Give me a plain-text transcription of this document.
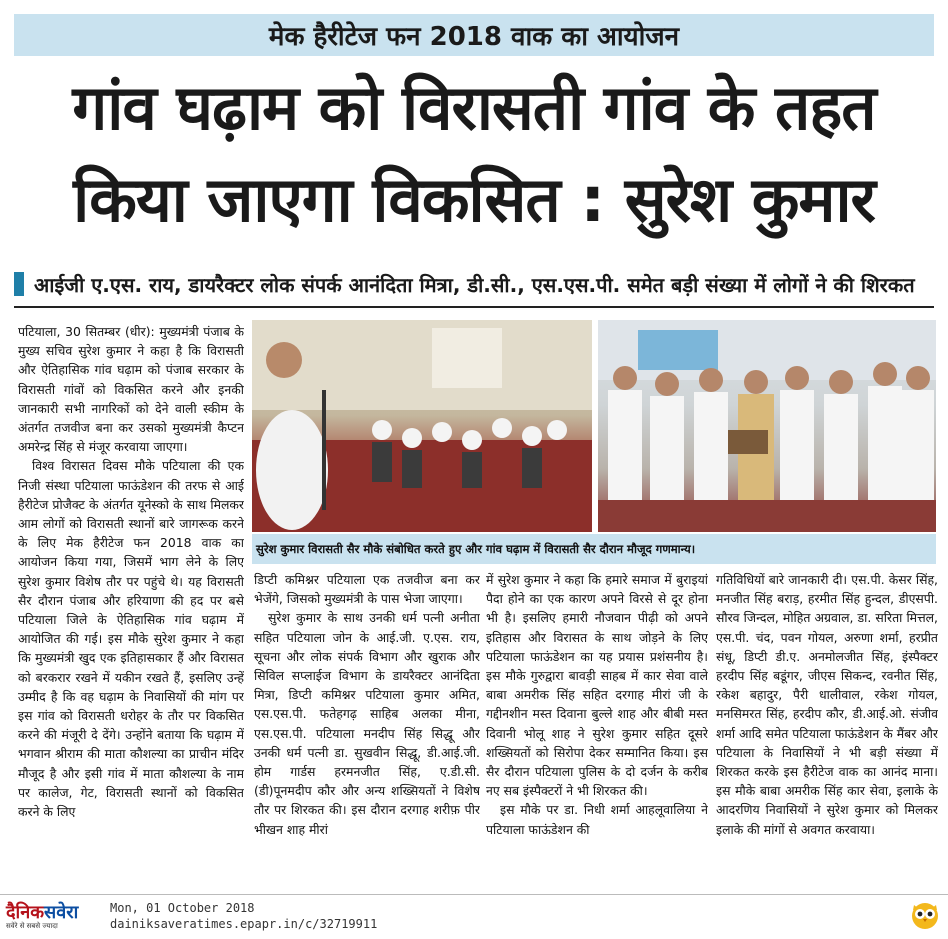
मेक हैरीटेज फन 2018 वाक का आयोजन
गांव घढ़ाम को विरासती गांव के तहत
किया जाएगा विकसित : सुरेश कुमार
आईजी ए.एस. राय, डायरैक्टर लोक संपर्क आनंदिता मित्रा, डी.सी., एस.एस.पी. समेत बड़ी संख्या में लोगों ने की शिरकत

पटियाला, 30 सितम्बर (धीर): मुख्यमंत्री पंजाब के मुख्य सचिव सुरेश कुमार ने कहा है कि विरासती और ऐतिहासिक गांव घढ़ाम को पंजाब सरकार के विरासती गांवों को विकसित करने और इनकी जानकारी सभी नागरिकों को देने वाली स्कीम के अंतर्गत तजवीज बना कर उसको मुख्यमंत्री कैप्टन अमरेन्द्र सिंह से मंजूर करवाया जाएगा।

विश्व विरासत दिवस मौके पटियाला की एक निजी संस्था पटियाला फाऊंडेशन की तरफ से आई हैरीटेज प्रोजैक्ट के अंतर्गत यूनेस्को के साथ मिलकर आम लोगों को विरासती स्थानों बारे जागरूक करने के लिए मेक हैरीटेज फन 2018 वाक का आयोजन किया गया, जिसमें भाग लेने के लिए सुरेश कुमार विशेष तौर पर पहुंचे थे। यह विरासती सैर दौरान पंजाब और हरियाणा की हद पर बसे पटियाला जिले के ऐतिहासिक गांव घढ़ाम में आयोजित की गई। इस मौके सुरेश कुमार ने कहा कि मुख्यमंत्री खुद एक इतिहासकार हैं और विरासत को बरकरार रखने में यकीन रखते हैं, इसलिए उन्हें उम्मीद है कि वह घढ़ाम के निवासियों की मांग पर इस गांव को विरासती धरोहर के तौर पर विकसित करने की मंजूरी दे देंगे। उन्होंने बताया कि घढ़ाम में भगवान श्रीराम की माता कौशल्या का प्राचीन मंदिर मौजूद है और इसी गांव में माता कौशल्या के नाम पर कालेज, गेट, विरासती स्थानों को विकसित करने के लिए

सुरेश कुमार विरासती सैर मौके संबोधित करते हुए और गांव घढ़ाम में विरासती सैर दौरान मौजूद गणमान्य।

डिप्टी कमिश्नर पटियाला एक तजवीज बना कर भेजेंगे, जिसको मुख्यमंत्री के पास भेजा जाएगा।

सुरेश कुमार के साथ उनकी धर्म पत्नी अनीता सहित पटियाला जोन के आई.जी. ए.एस. राय, सूचना और लोक संपर्क विभाग और खुराक और सिविल सप्लाईज विभाग के डायरैक्टर आनंदिता मित्रा, डिप्टी कमिश्नर पटियाला कुमार अमित, एस.एस.पी. फतेहगढ़ साहिब अलका मीना, एस.एस.पी. पटियाला मनदीप सिंह सिद्धू और उनकी धर्म पत्नी डा. सुखवीन सिद्धू, डी.आई.जी. होम गार्डस हरमनजीत सिंह, ए.डी.सी. (डी)पूनमदीप कौर और अन्य शख्सियतों ने विशेष तौर पर शिरकत की। इस दौरान दरगाह शरीफ़ पीर भीखन शाह मीरां

में सुरेश कुमार ने कहा कि हमारे समाज में बुराइयां पैदा होने का एक कारण अपने विरसे से दूर होना भी है। इसलिए हमारी नौजवान पीढ़ी को अपने इतिहास और विरासत के साथ जोड़ने के लिए पटियाला फाऊंडेशन का यह प्रयास प्रशंसनीय है। इस मौके गुरुद्वारा बावड़ी साहब में कार सेवा वाले बाबा अमरीक सिंह सहित दरगाह मीरां जी के गद्दीनशीन मस्त दिवाना बुल्ले शाह और बीबी मस्त दिवानी भोलू शाह ने सुरेश कुमार सहित दूसरे शख्सियतों को सिरोपा देकर सम्मानित किया। इस सैर दौरान पटियाला पुलिस के दो दर्जन के करीब नए सब इंस्पैक्टरों ने भी शिरकत की।

इस मौके पर डा. निधी शर्मा आहलूवालिया ने पटियाला फाऊंडेशन की

गतिविधियों बारे जानकारी दी। एस.पी. केसर सिंह, मनजीत सिंह बराड़, हरमीत सिंह हुन्दल, डीएसपी. सौरव जिन्दल, मोहित अग्रवाल, डा. सरिता मित्तल, एस.पी. चंद, पवन गोयल, अरुणा शर्मा, हरप्रीत संधू, डिप्टी डी.ए. अनमोलजीत सिंह, इंस्पैक्टर हरदीप सिंह बडूंगर, जीएस सिकन्द, रवनीत सिंह, रकेश बहादुर, पैरी धालीवाल, रकेश गोयल, मनसिमरत सिंह, हरदीप कौर, डी.आई.ओ. संजीव शर्मा आदि समेत पटियाला फाऊंडेशन के मैंबर और पटियाला के निवासियों ने भी बड़ी संख्या में शिरकत करके इस हैरीटेज वाक का आनंद माना। इस मौके बाबा अमरीक सिंह कार सेवा, इलाके के आदरणिय निवासियों ने सुरेश कुमार को मिलकर इलाके की मांगों से अवगत करवाया।

दैनिकसवेरा
सवेरे से सबसे ज्यादा
Mon, 01 October 2018
dainiksaveratimes.epapr.in/c/32719911
